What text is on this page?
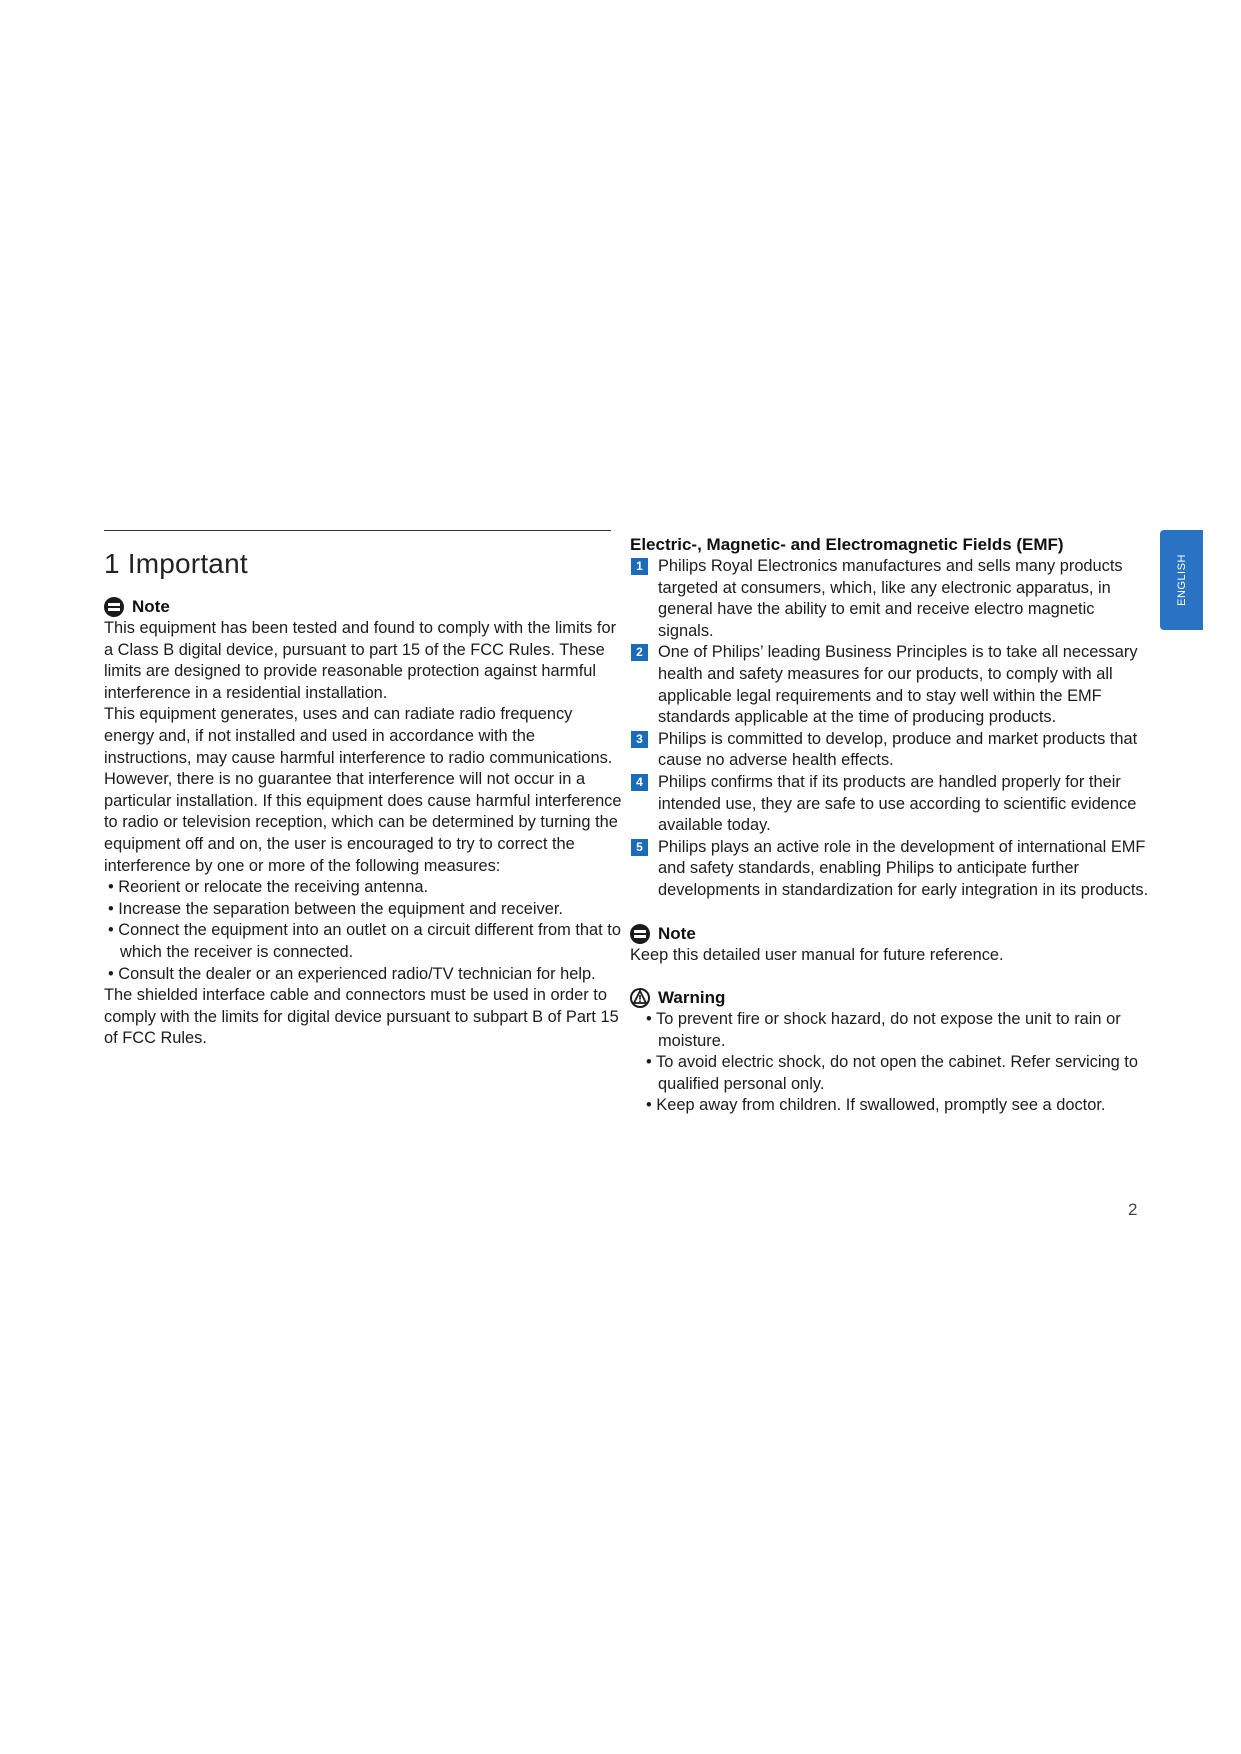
1 Important
Note

This equipment has been tested and found to comply with the limits for a Class B digital device, pursuant to part 15 of the FCC Rules. These limits are designed to provide reasonable protection against harmful interference in a residential installation.

This equipment generates, uses and can radiate radio frequency energy and, if not installed and used in accordance with the instructions, may cause harmful interference to radio communications. However, there is no guarantee that interference will not occur in a particular installation. If this equipment does cause harmful interference to radio or television reception, which can be determined by turning the equipment off and on, the user is encouraged to try to correct the interference by one or more of the following measures:

• Reorient or relocate the receiving antenna.

• Increase the separation between the equipment and receiver.

• Connect the equipment into an outlet on a circuit different from that to which the receiver is connected.

• Consult the dealer or an experienced radio/TV technician for help.

The shielded interface cable and connectors must be used in order to comply with the limits for digital device pursuant to subpart B of Part 15 of FCC Rules.

Electric-, Magnetic- and Electromagnetic Fields (EMF)
1 Philips Royal Electronics manufactures and sells many products targeted at consumers, which, like any electronic apparatus, in general have the ability to emit and receive electro magnetic signals.
2 One of Philips’ leading Business Principles is to take all necessary health and safety measures for our products, to comply with all applicable legal requirements and to stay well within the EMF standards applicable at the time of producing products.
3 Philips is committed to develop, produce and market products that cause no adverse health effects.
4 Philips confirms that if its products are handled properly for their intended use, they are safe to use according to scientific evidence available today.
5 Philips plays an active role in the development of international EMF and safety standards, enabling Philips to anticipate further developments in standardization for early integration in its products.
Note

Keep this detailed user manual for future reference.

Warning

• To prevent fire or shock hazard, do not expose the unit to rain or moisture.

• To avoid electric shock, do not open the cabinet. Refer servicing to qualified personal only.

• Keep away from children. If swallowed, promptly see a doctor.

ENGLISH
2
